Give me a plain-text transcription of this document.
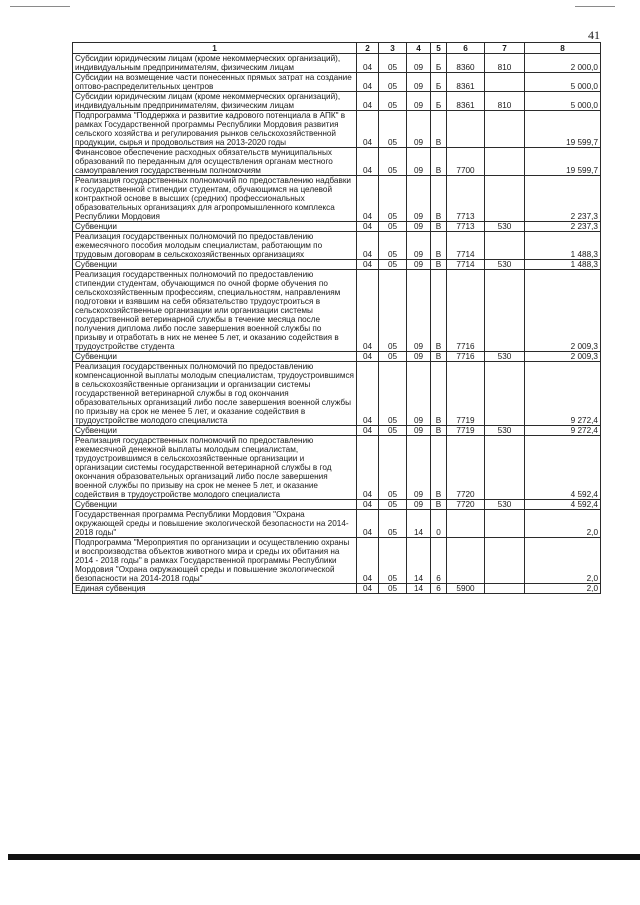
41
1	2	3	4	5	6	7	8
Субсидии юридическим лицам (кроме некоммерческих организаций), индивидуальным предпринимателям, физическим лицам	04	05	09	Б	8360	810	2 000,0
Субсидии на возмещение части понесенных прямых затрат на создание оптово-распределительных центров	04	05	09	Б	8361		5 000,0
Субсидии юридическим лицам (кроме некоммерческих организаций), индивидуальным предпринимателям, физическим лицам	04	05	09	Б	8361	810	5 000,0
Подпрограмма "Поддержка и развитие кадрового потенциала в АПК" в рамках Государственной программы Республики Мордовия развития сельского хозяйства и регулирования рынков сельскохозяйственной продукции, сырья и продовольствия на 2013-2020 годы	04	05	09	В			19 599,7
Финансовое обеспечение расходных обязательств муниципальных образований по переданным для осуществления органам местного самоуправления государственным полномочиям	04	05	09	В	7700		19 599,7
Реализация государственных полномочий по предоставлению надбавки к государственной стипендии студентам, обучающимся на целевой контрактной основе в высших (средних) профессиональных образовательных организациях для агропромышленного комплекса Республики Мордовия	04	05	09	В	7713		2 237,3
Субвенции	04	05	09	В	7713	530	2 237,3
Реализация государственных полномочий по предоставлению ежемесячного пособия молодым специалистам, работающим по трудовым договорам в сельскохозяйственных организациях	04	05	09	В	7714		1 488,3
Субвенции	04	05	09	В	7714	530	1 488,3
Реализация государственных полномочий по предоставлению стипендии студентам, обучающимся по очной форме обучения по сельскохозяйственным профессиям, специальностям, направлениям подготовки и взявшим на себя обязательство трудоустроиться в сельскохозяйственные организации или организации системы государственной ветеринарной службы в течение месяца после получения диплома либо после завершения военной службы по призыву и отработать в них не менее 5 лет, и оказанию содействия в трудоустройстве студента	04	05	09	В	7716		2 009,3
Субвенции	04	05	09	В	7716	530	2 009,3
Реализация государственных полномочий по предоставлению компенсационной выплаты молодым специалистам, трудоустроившимся в сельскохозяйственные организации и организации системы государственной ветеринарной службы в год окончания образовательных организаций либо после завершения военной службы по призыву на срок не менее 5 лет, и оказание содействия в трудоустройстве молодого специалиста	04	05	09	В	7719		9 272,4
Субвенции	04	05	09	В	7719	530	9 272,4
Реализация государственных полномочий по предоставлению ежемесячной денежной выплаты молодым специалистам, трудоустроившимся в сельскохозяйственные организации и организации системы государственной ветеринарной службы в год окончания образовательных организаций либо после завершения военной службы по призыву на срок не менее 5 лет, и оказание содействия в трудоустройстве молодого специалиста	04	05	09	В	7720		4 592,4
Субвенции	04	05	09	В	7720	530	4 592,4
Государственная программа Республики Мордовия "Охрана окружающей среды и повышение экологической безопасности на 2014-2018 годы"	04	05	14	0			2,0
Подпрограмма "Мероприятия по организации и осуществлению охраны и воспроизводства объектов животного мира и среды их обитания на 2014 - 2018 годы" в рамках Государственной программы Республики Мордовия "Охрана окружающей среды и повышение экологической безопасности на 2014-2018 годы"	04	05	14	6			2,0
Единая субвенция	04	05	14	6	5900		2,0
